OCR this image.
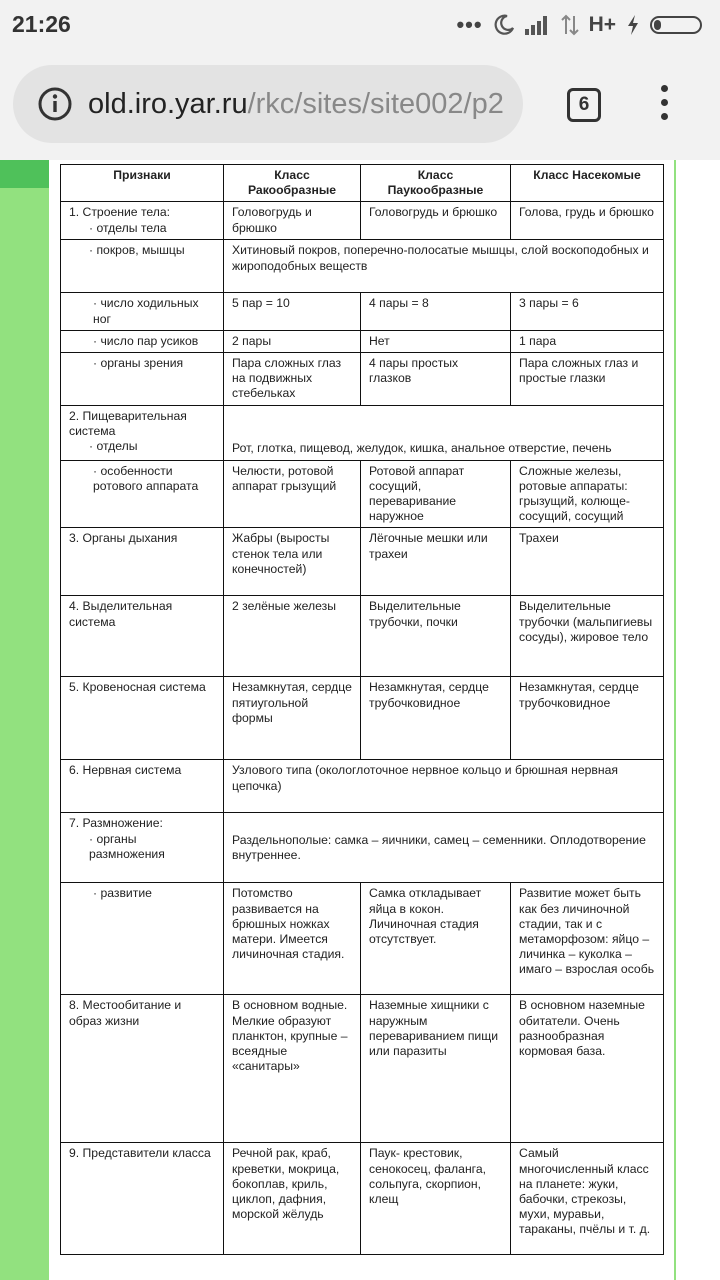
21:26	•••	H+
old.iro.yar.ru/rkc/sites/site002/p2	6
Признаки	Класс Ракообразные	Класс Паукообразные	Класс Насекомые
1. Строение тела:
· отделы тела	Головогрудь и брюшко	Головогрудь и брюшко	Голова, грудь и брюшко

· покров, мышцы	Хитиновый покров, поперечно-полосатые мышцы, слой воскоподобных и жироподобных веществ		

· число ходильных ног	5 пар = 10	4 пары = 8	3 пары = 6

· число пар усиков	2 пары	Нет	1 пара

· органы зрения	Пара сложных глаз на подвижных стебельках	4 пары простых глазков	Пара сложных глаз и простые глазки
2. Пищеварительная система
· отделы	Рот, глотка, пищевод, желудок, кишка, анальное отверстие, печень		

· особенности ротового аппарата	Челюсти, ротовой аппарат грызущий	Ротовой аппарат сосущий, переваривание наружное	Сложные железы, ротовые аппараты: грызущий, колюще-сосущий, сосущий
3. Органы дыхания	Жабры (выросты стенок тела или конечностей)	Лёгочные мешки или трахеи	Трахеи
4. Выделительная система	2 зелёные железы	Выделительные трубочки, почки	Выделительные трубочки (мальпигиевы сосуды), жировое тело
5. Кровеносная система	Незамкнутая, сердце пятиугольной формы	Незамкнутая, сердце трубочковидное	Незамкнутая, сердце трубочковидное
6. Нервная система	Узлового типа (окологлоточное нервное кольцо и брюшная нервная цепочка)		
7. Размножение:
· органы размножения	Раздельнополые: самка – яичники, самец – семенники. Оплодотворение внутреннее.		

· развитие	Потомство развивается на брюшных ножках матери. Имеется личиночная стадия.	Самка откладывает яйца в кокон. Личиночная стадия отсутствует.	Развитие может быть как без личиночной стадии, так и с метаморфозом: яйцо – личинка – куколка – имаго – взрослая особь
8. Местообитание и образ жизни	В основном водные. Мелкие образуют планктон, крупные – всеядные «санитары»	Наземные хищники с наружным перевариванием пищи или паразиты	В основном наземные обитатели. Очень разнообразная кормовая база.
9. Представители класса	Речной рак, краб, креветки, мокрица, бокоплав, криль, циклоп, дафния, морской жёлудь	Паук- крестовик, сенокосец, фаланга, сольпуга, скорпион, клещ	Самый многочисленный класс на планете: жуки, бабочки, стрекозы, мухи, муравьи, тараканы, пчёлы и т. д.
